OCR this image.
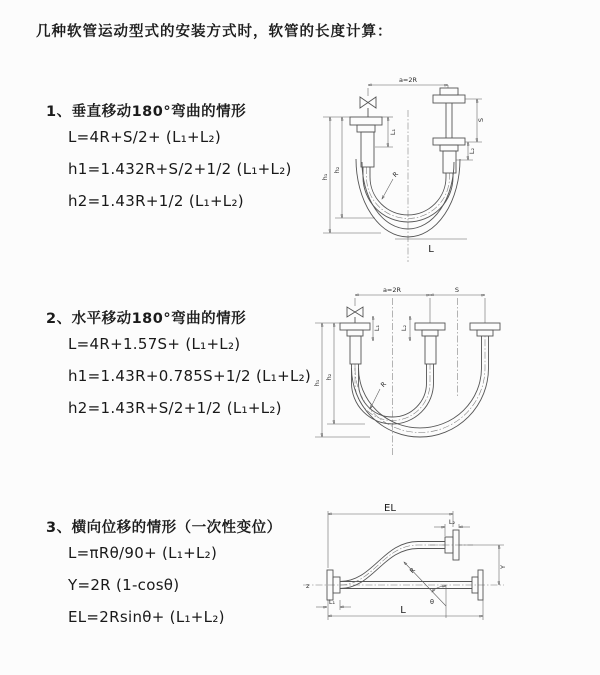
几种软管运动型式的安装方式时，软管的长度计算：
1、垂直移动180°弯曲的情形
L=4R+S/2+ (L₁+L₂)
h1=1.432R+S/2+1/2 (L₁+L₂)
h2=1.43R+1/2 (L₁+L₂)
a=2R
L₁
S
L₂
h₁
h₂
R
L
2、水平移动180°弯曲的情形
L=4R+1.57S+ (L₁+L₂)
h1=1.43R+0.785S+1/2 (L₁+L₂)
h2=1.43R+S/2+1/2 (L₁+L₂)
a=2R	S
L₁	L₂
h₁
h₂
R
3、横向位移的情形（一次性变位）
L=πRθ/90+ (L₁+L₂)
Y=2R (1-cosθ)
EL=2Rsinθ+ (L₁+L₂)
z
EL
L₂
Y
R
θ
L₁
L
